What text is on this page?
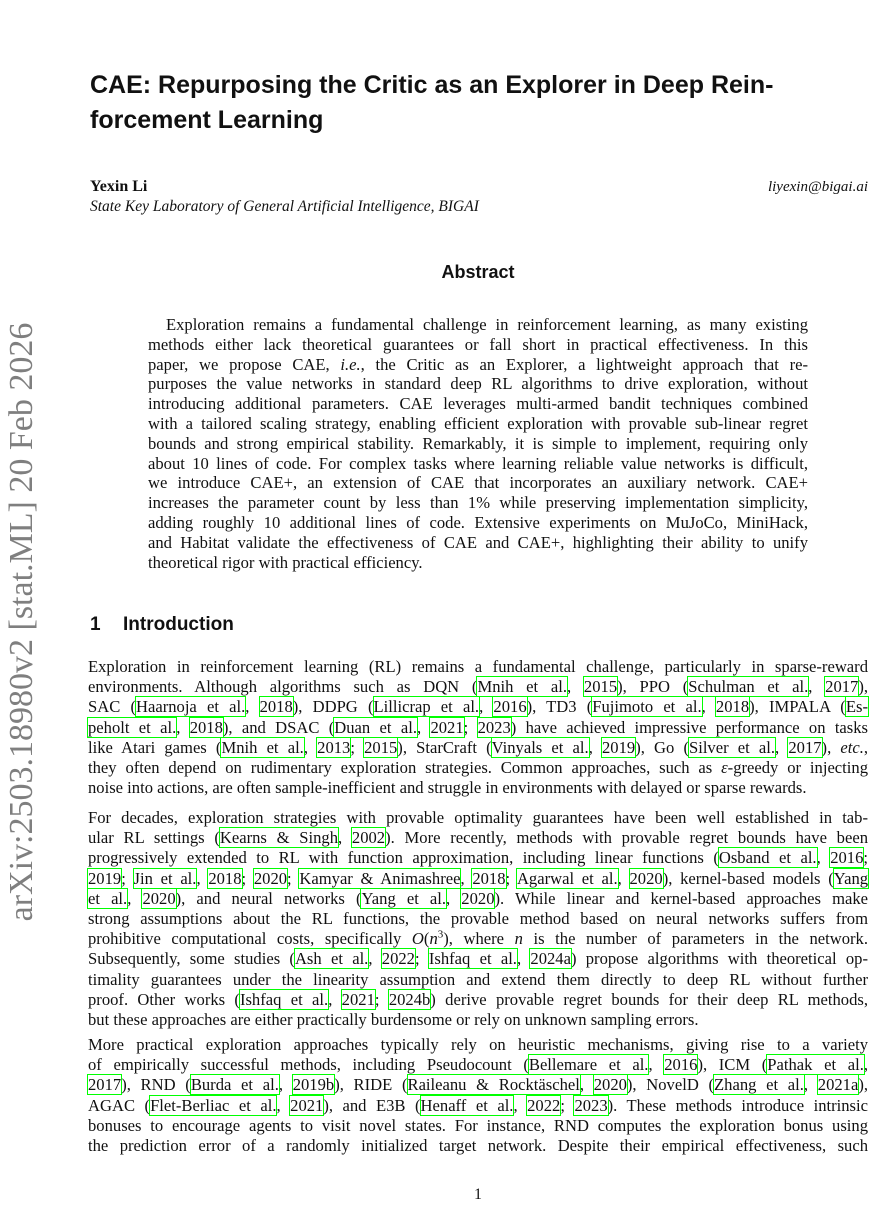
arXiv:2503.18980v2 [stat.ML] 20 Feb 2026
CAE: Repurposing the Critic as an Explorer in Deep Rein-
forcement Learning
Yexin Li	liyexin@bigai.ai
State Key Laboratory of General Artificial Intelligence, BIGAI
Abstract
Exploration remains a fundamental challenge in reinforcement learning, as many existing
methods either lack theoretical guarantees or fall short in practical effectiveness. In this
paper, we propose CAE, i.e., the Critic as an Explorer, a lightweight approach that re-
purposes the value networks in standard deep RL algorithms to drive exploration, without
introducing additional parameters. CAE leverages multi-armed bandit techniques combined
with a tailored scaling strategy, enabling efficient exploration with provable sub-linear regret
bounds and strong empirical stability. Remarkably, it is simple to implement, requiring only
about 10 lines of code. For complex tasks where learning reliable value networks is difficult,
we introduce CAE+, an extension of CAE that incorporates an auxiliary network. CAE+
increases the parameter count by less than 1% while preserving implementation simplicity,
adding roughly 10 additional lines of code. Extensive experiments on MuJoCo, MiniHack,
and Habitat validate the effectiveness of CAE and CAE+, highlighting their ability to unify
theoretical rigor with practical efficiency.
1 Introduction
Exploration in reinforcement learning (RL) remains a fundamental challenge, particularly in sparse-reward
environments. Although algorithms such as DQN (Mnih et al., 2015), PPO (Schulman et al., 2017),
SAC (Haarnoja et al., 2018), DDPG (Lillicrap et al., 2016), TD3 (Fujimoto et al., 2018), IMPALA (Es-
peholt et al., 2018), and DSAC (Duan et al., 2021; 2023) have achieved impressive performance on tasks
like Atari games (Mnih et al., 2013; 2015), StarCraft (Vinyals et al., 2019), Go (Silver et al., 2017), etc.,
they often depend on rudimentary exploration strategies. Common approaches, such as ε-greedy or injecting
noise into actions, are often sample-inefficient and struggle in environments with delayed or sparse rewards.
For decades, exploration strategies with provable optimality guarantees have been well established in tab-
ular RL settings (Kearns & Singh, 2002). More recently, methods with provable regret bounds have been
progressively extended to RL with function approximation, including linear functions (Osband et al., 2016;
2019; Jin et al., 2018; 2020; Kamyar & Animashree, 2018; Agarwal et al., 2020), kernel-based models (Yang
et al., 2020), and neural networks (Yang et al., 2020). While linear and kernel-based approaches make
strong assumptions about the RL functions, the provable method based on neural networks suffers from
prohibitive computational costs, specifically $O(n^3)$, where n is the number of parameters in the network.
Subsequently, some studies (Ash et al., 2022; Ishfaq et al., 2024a) propose algorithms with theoretical op-
timality guarantees under the linearity assumption and extend them directly to deep RL without further
proof. Other works (Ishfaq et al., 2021; 2024b) derive provable regret bounds for their deep RL methods,
but these approaches are either practically burdensome or rely on unknown sampling errors.
More practical exploration approaches typically rely on heuristic mechanisms, giving rise to a variety
of empirically successful methods, including Pseudocount (Bellemare et al., 2016), ICM (Pathak et al.,
2017), RND (Burda et al., 2019b), RIDE (Raileanu & Rocktäschel, 2020), NovelD (Zhang et al., 2021a),
AGAC (Flet-Berliac et al., 2021), and E3B (Henaff et al., 2022; 2023). These methods introduce intrinsic
bonuses to encourage agents to visit novel states. For instance, RND computes the exploration bonus using
the prediction error of a randomly initialized target network. Despite their empirical effectiveness, such
1
